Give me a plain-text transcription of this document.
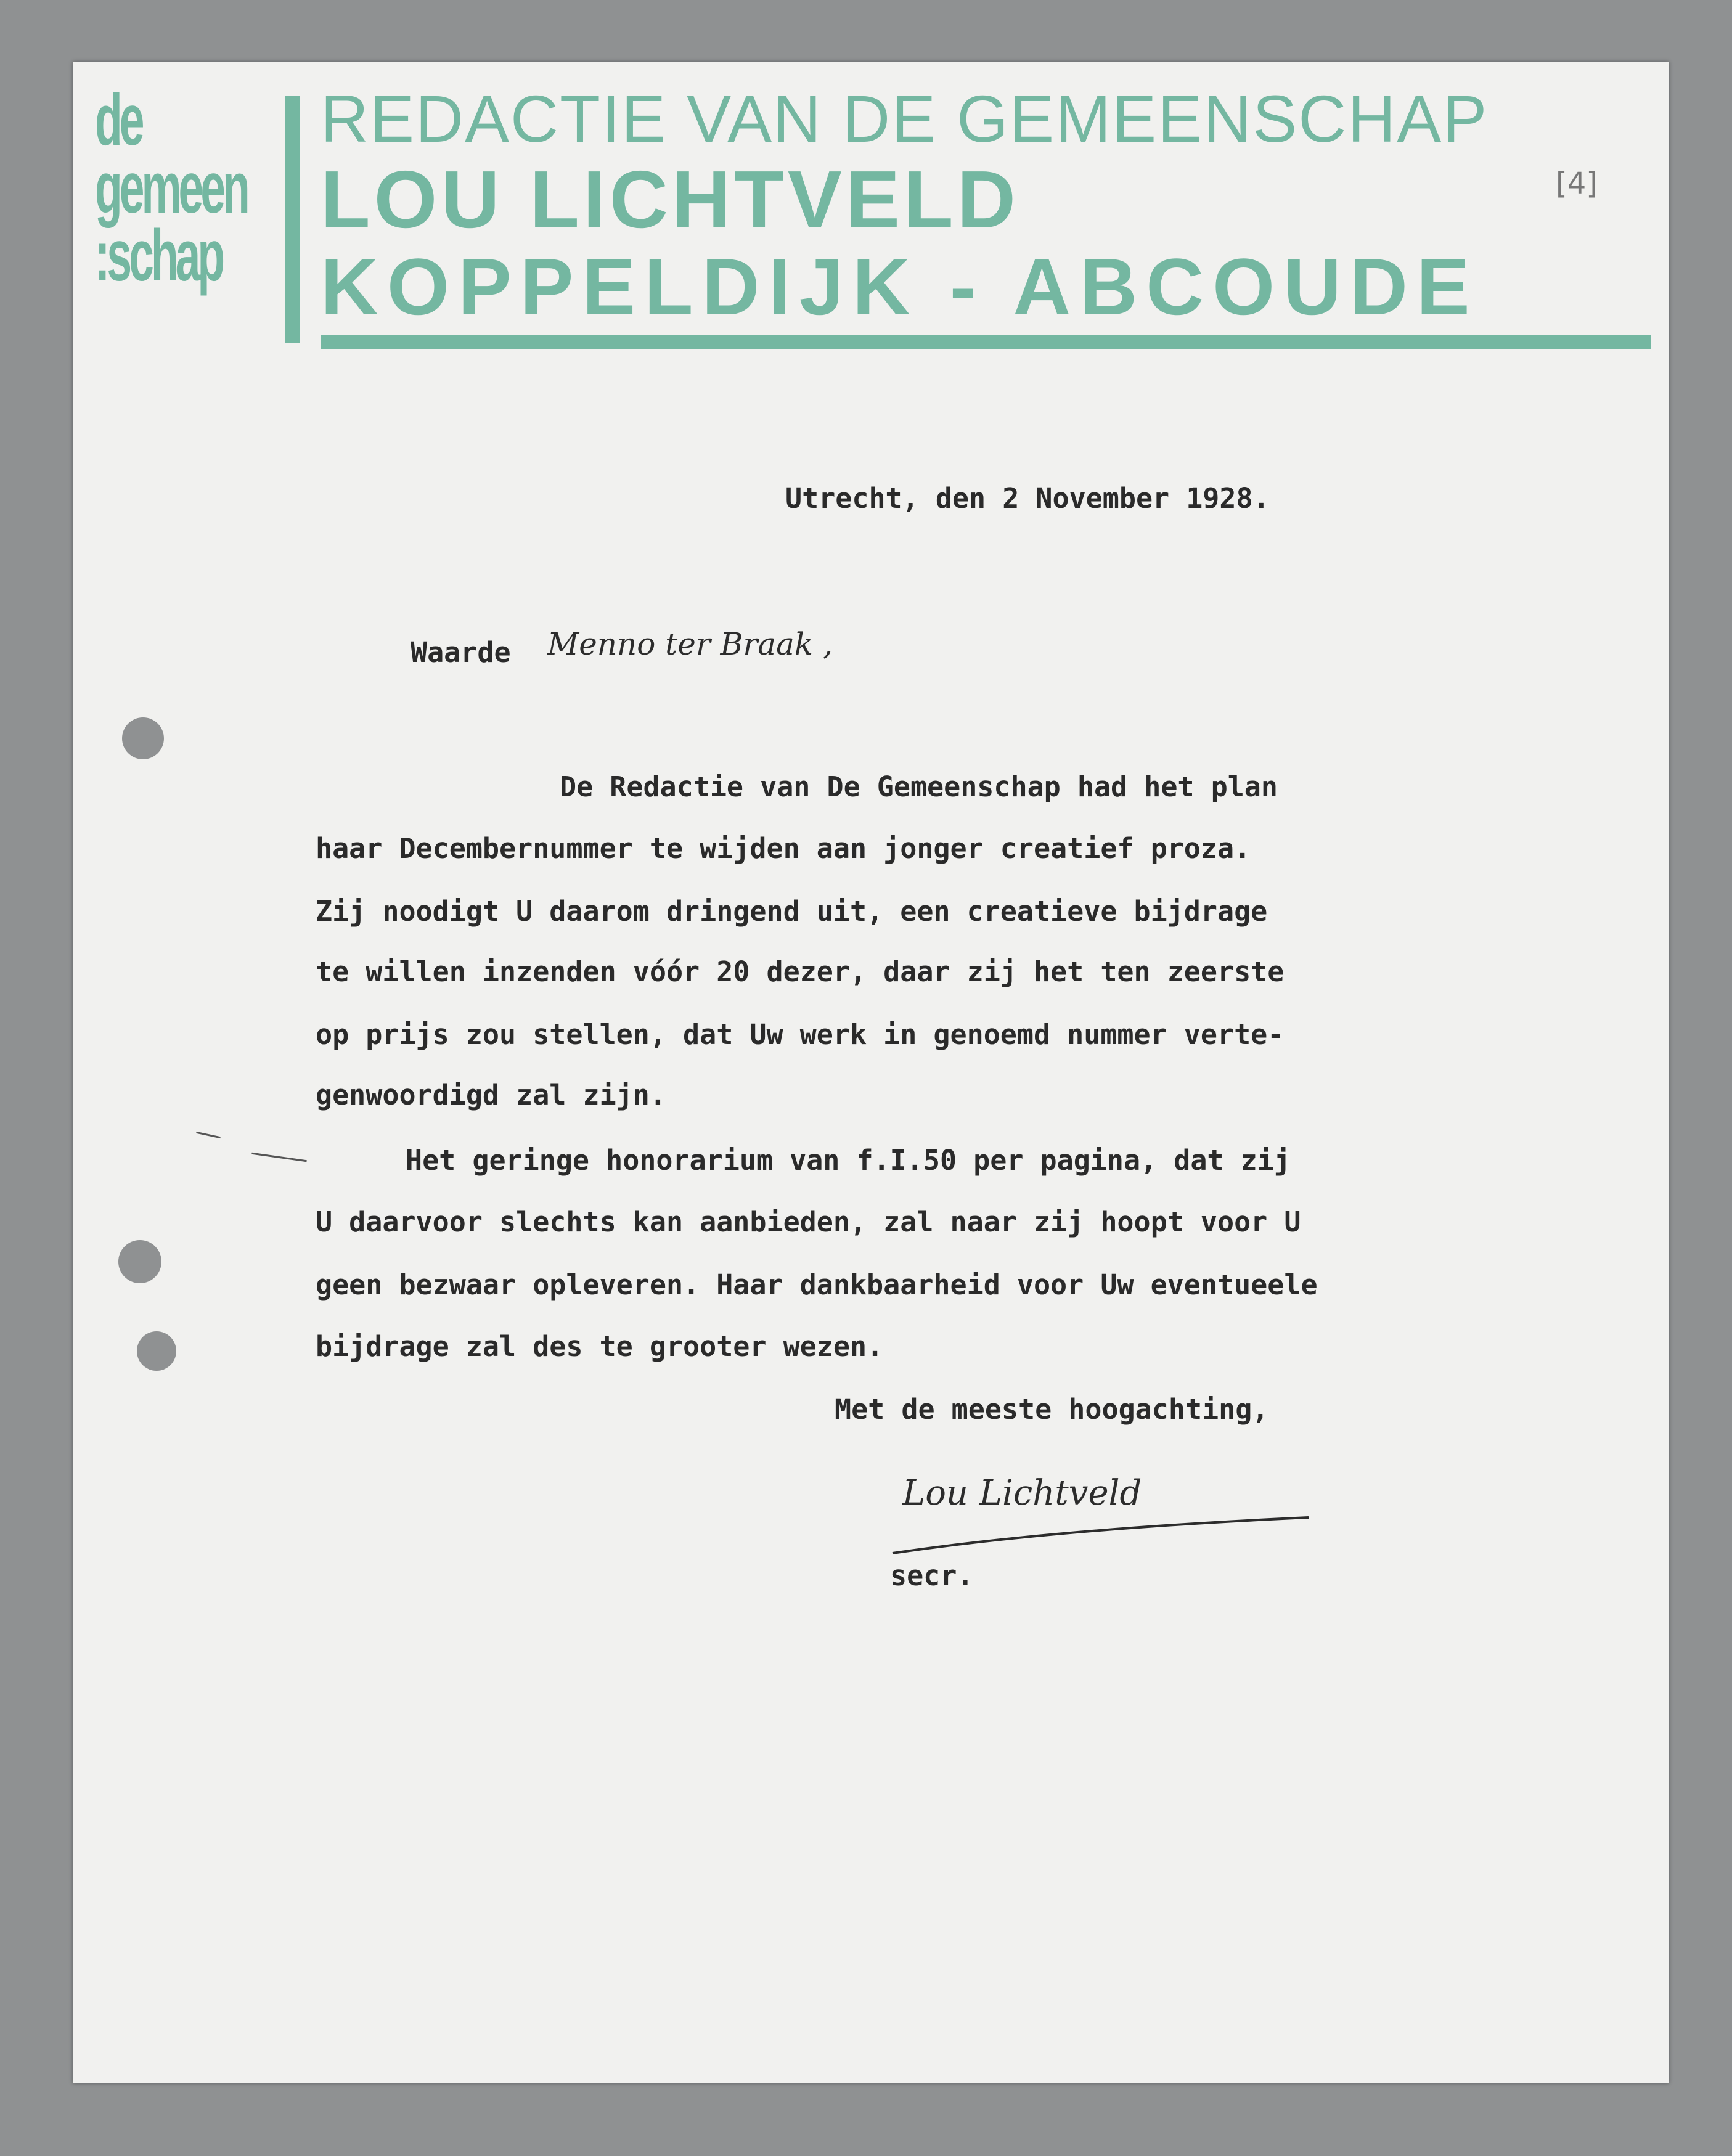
de
gemeen
:schap
REDACTIE VAN DE GEMEENSCHAP
LOU LICHTVELD
KOPPELDIJK - ABCOUDE
[4]
Utrecht, den 2 November 1928.
Waarde Menno ter Braak ,
De Redactie van De Gemeenschap had het plan
haar Decembernummer te wijden aan jonger creatief proza.
Zij noodigt U daarom dringend uit, een creatieve bijdrage
te willen inzenden vóór 20 dezer, daar zij het ten zeerste
op prijs zou stellen, dat Uw werk in genoemd nummer verte-
genwoordigd zal zijn.
Het geringe honorarium van f.I.50 per pagina, dat zij
U daarvoor slechts kan aanbieden, zal naar zij hoopt voor U
geen bezwaar opleveren. Haar dankbaarheid voor Uw eventueele
bijdrage zal des te grooter wezen.
Met de meeste hoogachting,
Lou Lichtveld
secr.
